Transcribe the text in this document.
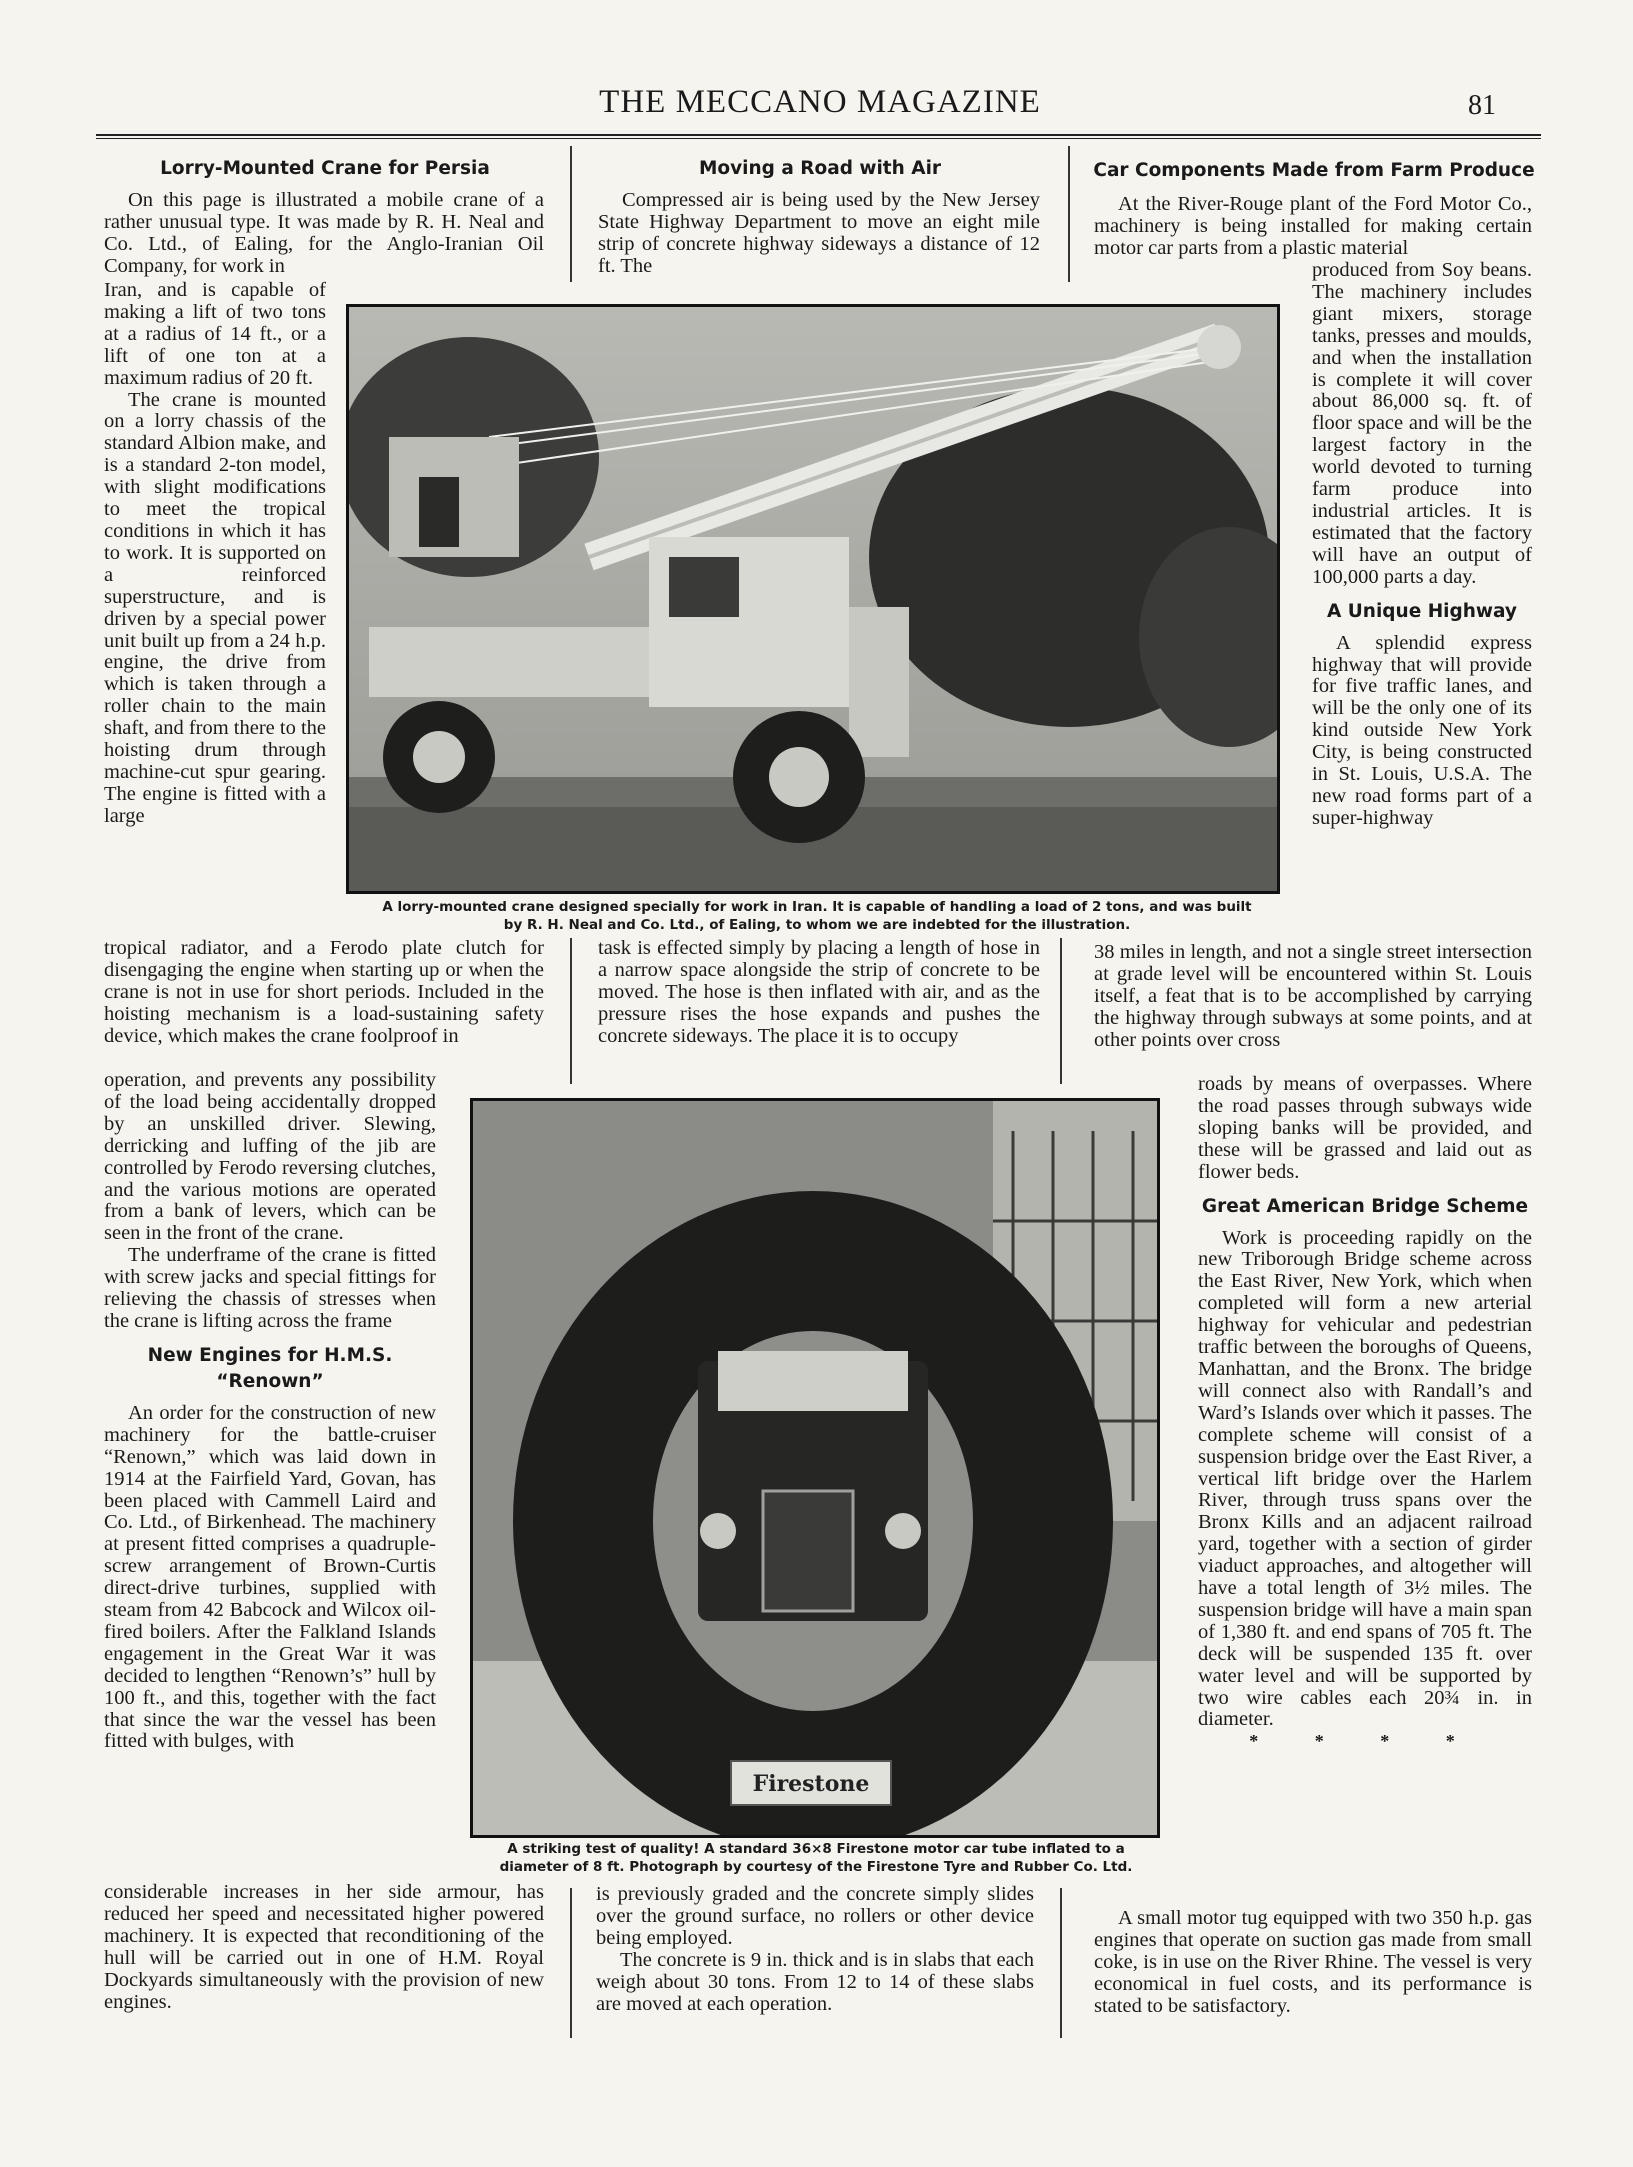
THE MECCANO MAGAZINE	81
Lorry-Mounted Crane for Persia

On this page is illustrated a mobile crane of a rather unusual type. It was made by R. H. Neal and Co. Ltd., of Ealing, for the Anglo-Iranian Oil Company, for work in

Iran, and is capable of making a lift of two tons at a radius of 14 ft., or a lift of one ton at a maximum radius of 20 ft.

The crane is mounted on a lorry chassis of the standard Albion make, and is a standard 2-ton model, with slight modifications to meet the tropical conditions in which it has to work. It is supported on a reinforced superstructure, and is driven by a special power unit built up from a 24 h.p. engine, the drive from which is taken through a roller chain to the main shaft, and from there to the hoisting drum through machine-cut spur gearing. The engine is fitted with a large

A lorry-mounted crane designed specially for work in Iran. It is capable of handling a load of 2 tons, and was built
by R. H. Neal and Co. Ltd., of Ealing, to whom we are indebted for the illustration.

tropical radiator, and a Ferodo plate clutch for disengaging the engine when starting up or when the crane is not in use for short periods. Included in the hoisting mechanism is a load-sustaining safety device, which makes the crane foolproof in

operation, and prevents any possibility of the load being accidentally dropped by an unskilled driver. Slewing, derricking and luffing of the jib are controlled by Ferodo reversing clutches, and the various motions are operated from a bank of levers, which can be seen in the front of the crane.

The underframe of the crane is fitted with screw jacks and special fittings for relieving the chassis of stresses when the crane is lifting across the frame

New Engines for H.M.S.
“Renown”

An order for the construction of new machinery for the battle-cruiser “Renown,” which was laid down in 1914 at the Fairfield Yard, Govan, has been placed with Cammell Laird and Co. Ltd., of Birkenhead. The machinery at present fitted comprises a quadruple-screw arrangement of Brown-Curtis direct-drive turbines, supplied with steam from 42 Babcock and Wilcox oil-fired boilers. After the Falkland Islands engagement in the Great War it was decided to lengthen “Renown’s” hull by 100 ft., and this, together with the fact that since the war the vessel has been fitted with bulges, with

considerable increases in her side armour, has reduced her speed and necessitated higher powered machinery. It is expected that reconditioning of the hull will be carried out in one of H.M. Royal Dockyards simultaneously with the provision of new engines.

Moving a Road with Air

Compressed air is being used by the New Jersey State Highway Department to move an eight mile strip of concrete highway sideways a distance of 12 ft. The

task is effected simply by placing a length of hose in a narrow space alongside the strip of concrete to be moved. The hose is then inflated with air, and as the pressure rises the hose expands and pushes the concrete sideways. The place it is to occupy

Firestone
A striking test of quality! A standard 36×8 Firestone motor car tube inflated to a
diameter of 8 ft. Photograph by courtesy of the Firestone Tyre and Rubber Co. Ltd.

is previously graded and the concrete simply slides over the ground surface, no rollers or other device being employed.

The concrete is 9 in. thick and is in slabs that each weigh about 30 tons. From 12 to 14 of these slabs are moved at each operation.

Car Components Made from Farm Produce

At the River-Rouge plant of the Ford Motor Co., machinery is being installed for making certain motor car parts from a plastic material

produced from Soy beans. The machinery includes giant mixers, storage tanks, presses and moulds, and when the installation is complete it will cover about 86,000 sq. ft. of floor space and will be the largest factory in the world devoted to turning farm produce into industrial articles. It is estimated that the factory will have an output of 100,000 parts a day.

A Unique Highway

A splendid express highway that will provide for five traffic lanes, and will be the only one of its kind outside New York City, is being constructed in St. Louis, U.S.A. The new road forms part of a super-highway

38 miles in length, and not a single street intersection at grade level will be encountered within St. Louis itself, a feat that is to be accomplished by carrying the highway through subways at some points, and at other points over cross

roads by means of overpasses. Where the road passes through subways wide sloping banks will be provided, and these will be grassed and laid out as flower beds.

Great American Bridge Scheme

Work is proceeding rapidly on the new Triborough Bridge scheme across the East River, New York, which when completed will form a new arterial highway for vehicular and pedestrian traffic between the boroughs of Queens, Manhattan, and the Bronx. The bridge will connect also with Randall’s and Ward’s Islands over which it passes. The complete scheme will consist of a suspension bridge over the East River, a vertical lift bridge over the Harlem River, through truss spans over the Bronx Kills and an adjacent railroad yard, together with a section of girder viaduct approaches, and altogether will have a total length of 3½ miles. The suspension bridge will have a main span of 1,380 ft. and end spans of 705 ft. The deck will be suspended 135 ft. over water level and will be supported by two wire cables each 20¾ in. in diameter.

* * * *

A small motor tug equipped with two 350 h.p. gas engines that operate on suction gas made from small coke, is in use on the River Rhine. The vessel is very economical in fuel costs, and its performance is stated to be satisfactory.
